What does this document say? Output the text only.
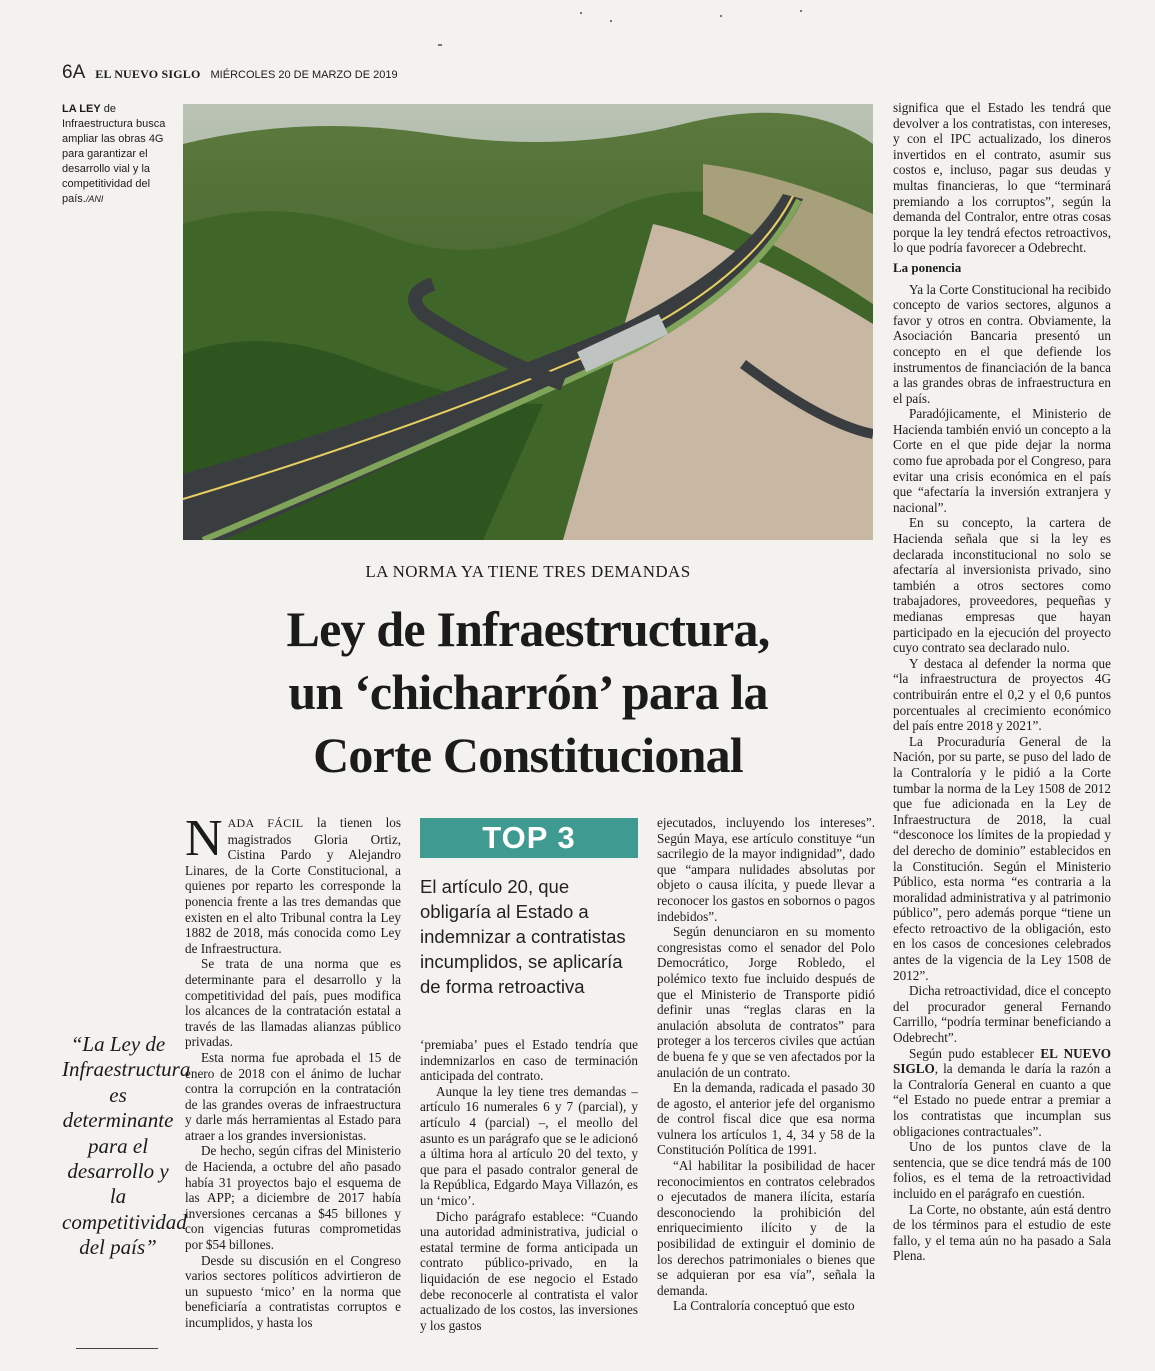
6A EL NUEVO SIGLO MIÉRCOLES 20 DE MARZO DE 2019
LA LEY de Infraestructura busca ampliar las obras 4G para garantizar el desarrollo vial y la competitividad del país./ANI
LA NORMA YA TIENE TRES DEMANDAS
Ley de Infraestructura,
un ‘chicharrón’ para la
Corte Constitucional

NADA FÁCIL la tienen los magistrados Gloria Ortiz, Cistina Pardo y Alejandro Linares, de la Corte Constitucional, a quienes por reparto les corresponde la ponencia frente a las tres demandas que existen en el alto Tribunal contra la Ley 1882 de 2018, más conocida como Ley de Infraestructura.

Se trata de una norma que es determinante para el desarrollo y la competitividad del país, pues modifica los alcances de la contratación estatal a través de las llamadas alianzas público privadas.

Esta norma fue aprobada el 15 de enero de 2018 con el ánimo de luchar contra la corrupción en la contratación de las grandes overas de infraestructura y darle más herramientas al Estado para atraer a los grandes inversionistas.

De hecho, según cifras del Ministerio de Hacienda, a octubre del año pasado había 31 proyectos bajo el esquema de las APP; a diciembre de 2017 había inversiones cercanas a $45 billones y con vigencias futuras comprometidas por $54 billones.

Desde su discusión en el Congreso varios sectores políticos advirtieron de un supuesto ‘mico’ en la norma que beneficiaría a contratistas corruptos e incumplidos, y hasta los

TOP 3
El artículo 20, que obligaría al Estado a indemnizar a contratistas incumplidos, se aplicaría de forma retroactiva

‘premiaba’ pues el Estado tendría que indemnizarlos en caso de terminación anticipada del contrato.

Aunque la ley tiene tres demandas –artículo 16 numerales 6 y 7 (parcial), y artículo 4 (parcial) –, el meollo del asunto es un parágrafo que se le adicionó a última hora al artículo 20 del texto, y que para el pasado contralor general de la República, Edgardo Maya Villazón, es un ‘mico’.

Dicho parágrafo establece: “Cuando una autoridad administrativa, judicial o estatal termine de forma anticipada un contrato público-privado, en la liquidación de ese negocio el Estado debe reconocerle al contratista el valor actualizado de los costos, las inversiones y los gastos

ejecutados, incluyendo los intereses”. Según Maya, ese artículo constituye “un sacrilegio de la mayor indignidad”, dado que “ampara nulidades absolutas por objeto o causa ilícita, y puede llevar a reconocer los gastos en sobornos o pagos indebidos”.

Según denunciaron en su momento congresistas como el senador del Polo Democrático, Jorge Robledo, el polémico texto fue incluido después de que el Ministerio de Transporte pidió definir unas “reglas claras en la anulación absoluta de contratos” para proteger a los terceros civiles que actúan de buena fe y que se ven afectados por la anulación de un contrato.

En la demanda, radicada el pasado 30 de agosto, el anterior jefe del organismo de control fiscal dice que esa norma vulnera los artículos 1, 4, 34 y 58 de la Constitución Política de 1991.

“Al habilitar la posibilidad de hacer reconocimientos en contratos celebrados o ejecutados de manera ilícita, estaría desconociendo la prohibición del enriquecimiento ilícito y de la posibilidad de extinguir el dominio de los derechos patrimoniales o bienes que se adquieran por esa vía”, señala la demanda.

La Contraloría conceptuó que esto

significa que el Estado les tendrá que devolver a los contratistas, con intereses, y con el IPC actualizado, los dineros invertidos en el contrato, asumir sus costos e, incluso, pagar sus deudas y multas financieras, lo que “terminará premiando a los corruptos”, según la demanda del Contralor, entre otras cosas porque la ley tendrá efectos retroactivos, lo que podría favorecer a Odebrecht.

La ponencia

Ya la Corte Constitucional ha recibido concepto de varios sectores, algunos a favor y otros en contra. Obviamente, la Asociación Bancaria presentó un concepto en el que defiende los instrumentos de financiación de la banca a las grandes obras de infraestructura en el país.

Paradójicamente, el Ministerio de Hacienda también envió un concepto a la Corte en el que pide dejar la norma como fue aprobada por el Congreso, para evitar una crisis económica en el país que “afectaría la inversión extranjera y nacional”.

En su concepto, la cartera de Hacienda señala que si la ley es declarada inconstitucional no solo se afectaría al inversionista privado, sino también a otros sectores como trabajadores, proveedores, pequeñas y medianas empresas que hayan participado en la ejecución del proyecto cuyo contrato sea declarado nulo.

Y destaca al defender la norma que “la infraestructura de proyectos 4G contribuirán entre el 0,2 y el 0,6 puntos porcentuales al crecimiento económico del país entre 2018 y 2021”.

La Procuraduría General de la Nación, por su parte, se puso del lado de la Contraloría y le pidió a la Corte tumbar la norma de la Ley 1508 de 2012 que fue adicionada en la Ley de Infraestructura de 2018, la cual “desconoce los límites de la propiedad y del derecho de dominio” establecidos en la Constitución. Según el Ministerio Público, esta norma “es contraria a la moralidad administrativa y al patrimonio público”, pero además porque “tiene un efecto retroactivo de la obligación, esto en los casos de concesiones celebrados antes de la vigencia de la Ley 1508 de 2012”.

Dicha retroactividad, dice el concepto del procurador general Fernando Carrillo, “podría terminar beneficiando a Odebrecht”.

Según pudo establecer EL NUEVO SIGLO, la demanda le daría la razón a la Contraloría General en cuanto a que “el Estado no puede entrar a premiar a los contratistas que incumplan sus obligaciones contractuales”.

Uno de los puntos clave de la sentencia, que se dice tendrá más de 100 folios, es el tema de la retroactividad incluido en el parágrafo en cuestión.

La Corte, no obstante, aún está dentro de los términos para el estudio de este fallo, y el tema aún no ha pasado a Sala Plena.

“La Ley de Infraestructura es determinante para el desarrollo y la competitividad del país”
